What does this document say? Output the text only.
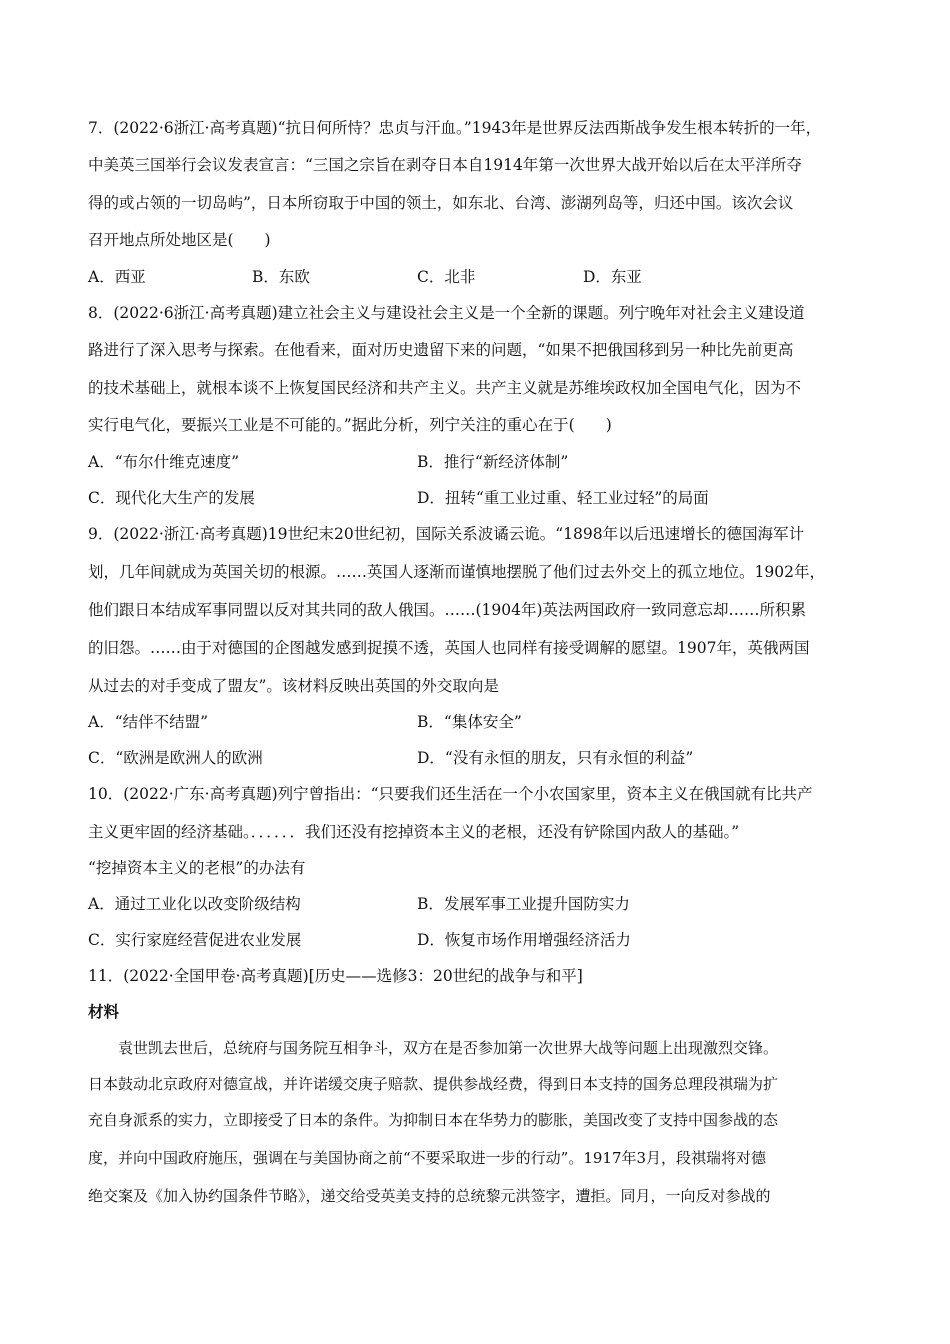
7．(2022·6浙江·高考真题)“抗日何所恃？忠贞与汗血。”1943年是世界反法西斯战争发生根本转折的一年，
中美英三国举行会议发表宣言：“三国之宗旨在剥夺日本自1914年第一次世界大战开始以后在太平洋所夺
得的或占领的一切岛屿”，日本所窃取于中国的领土，如东北、台湾、澎湖列岛等，归还中国。该次会议
召开地点所处地区是(　　)
A．西亚	B．东欧	C．北非	D．东亚
8．(2022·6浙江·高考真题)建立社会主义与建设社会主义是一个全新的课题。列宁晚年对社会主义建设道
路进行了深入思考与探索。在他看来，面对历史遗留下来的问题，“如果不把俄国移到另一种比先前更高
的技术基础上，就根本谈不上恢复国民经济和共产主义。共产主义就是苏维埃政权加全国电气化，因为不
实行电气化，要振兴工业是不可能的。”据此分析，列宁关注的重心在于(　　)
A．“布尔什维克速度”	B．推行“新经济体制”
C．现代化大生产的发展	D．扭转“重工业过重、轻工业过轻”的局面
9．(2022·浙江·高考真题)19世纪末20世纪初，国际关系波谲云诡。“1898年以后迅速增长的德国海军计
划，几年间就成为英国关切的根源。……英国人逐渐而谨慎地摆脱了他们过去外交上的孤立地位。1902年，
他们跟日本结成军事同盟以反对其共同的敌人俄国。……(1904年)英法两国政府一致同意忘却……所积累
的旧怨。……由于对德国的企图越发感到捉摸不透，英国人也同样有接受调解的愿望。1907年，英俄两国
从过去的对手变成了盟友”。该材料反映出英国的外交取向是
A．“结伴不结盟”	B．“集体安全”
C．“欧洲是欧洲人的欧洲	D．“没有永恒的朋友，只有永恒的利益”
10．(2022·广东·高考真题)列宁曾指出：“只要我们还生活在一个小农国家里，资本主义在俄国就有比共产
主义更牢固的经济基础。．．．．．．我们还没有挖掉资本主义的老根，还没有铲除国内敌人的基础。”
“挖掉资本主义的老根”的办法有
A．通过工业化以改变阶级结构	B．发展军事工业提升国防实力
C．实行家庭经营促进农业发展	D．恢复市场作用增强经济活力
11．(2022·全国甲卷·高考真题)[历史——选修3：20世纪的战争与和平]
材料
袁世凯去世后，总统府与国务院互相争斗，双方在是否参加第一次世界大战等问题上出现激烈交锋。
日本鼓动北京政府对德宣战，并许诺缓交庚子赔款、提供参战经费，得到日本支持的国务总理段祺瑞为扩
充自身派系的实力，立即接受了日本的条件。为抑制日本在华势力的膨胀，美国改变了支持中国参战的态
度，并向中国政府施压，强调在与美国协商之前“不要采取进一步的行动”。1917年3月，段祺瑞将对德
绝交案及《加入协约国条件节略》，递交给受英美支持的总统黎元洪签字，遭拒。同月，一向反对参战的
